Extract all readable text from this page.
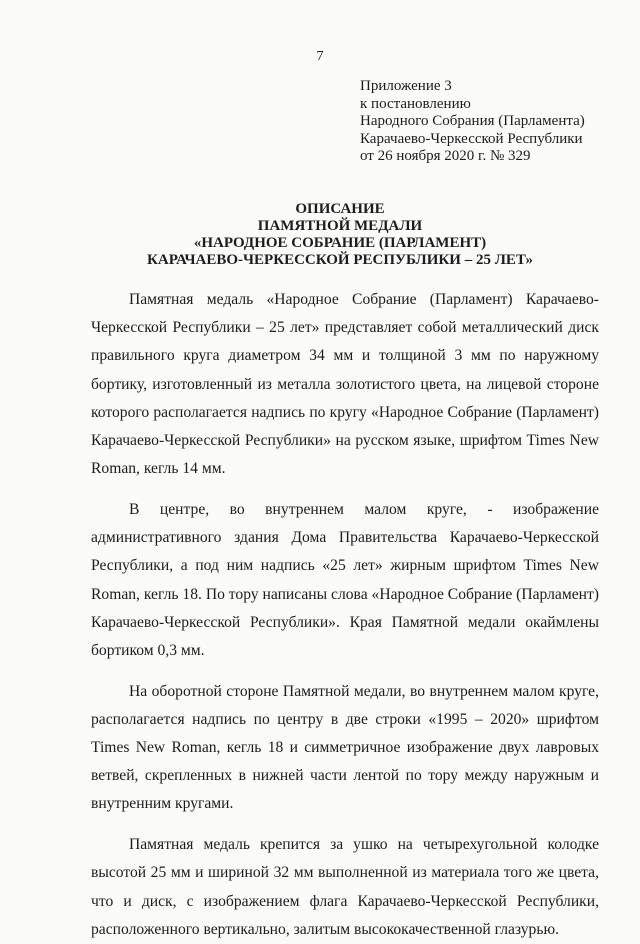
7
Приложение 3
к постановлению
Народного Собрания (Парламента)
Карачаево-Черкесской Республики
от 26 ноября 2020 г. № 329
ОПИСАНИЕ
ПАМЯТНОЙ МЕДАЛИ
«НАРОДНОЕ СОБРАНИЕ (ПАРЛАМЕНТ)
КАРАЧАЕВО-ЧЕРКЕССКОЙ РЕСПУБЛИКИ – 25 ЛЕТ»

Памятная медаль «Народное Собрание (Парламент) Карачаево-Черкесской Республики – 25 лет» представляет собой металлический диск правильного круга диаметром 34 мм и толщиной 3 мм по наружному бортику, изготовленный из металла золотистого цвета, на лицевой стороне которого располагается надпись по кругу «Народное Собрание (Парламент) Карачаево-Черкесской Республики» на русском языке, шрифтом Times New Roman, кегль 14 мм.

В центре, во внутреннем малом круге, - изображение административного здания Дома Правительства Карачаево-Черкесской Республики, а под ним надпись «25 лет» жирным шрифтом Times New Roman, кегль 18. По тору написаны слова «Народное Собрание (Парламент) Карачаево-Черкесской Республики». Края Памятной медали окаймлены бортиком 0,3 мм.

На оборотной стороне Памятной медали, во внутреннем малом круге, располагается надпись по центру в две строки «1995 – 2020» шрифтом Times New Roman, кегль 18 и симметричное изображение двух лавровых ветвей, скрепленных в нижней части лентой по тору между наружным и внутренним кругами.

Памятная медаль крепится за ушко на четырехугольной колодке высотой 25 мм и шириной 32 мм выполненной из материала того же цвета, что и диск, с изображением флага Карачаево-Черкесской Республики, расположенного вертикально, залитым высококачественной глазурью.
